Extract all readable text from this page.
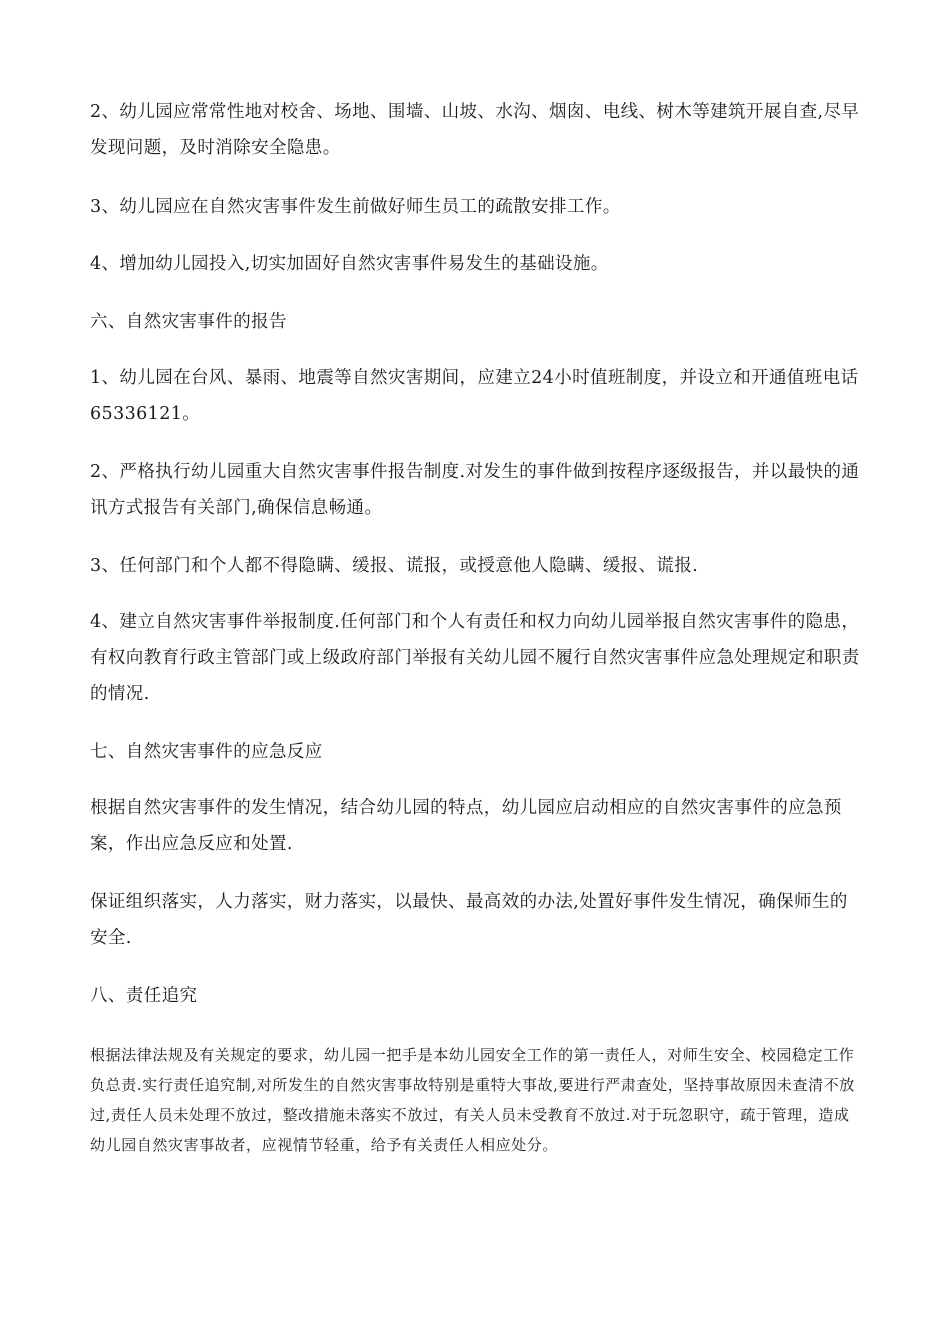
2、幼儿园应常常性地对校舍、场地、围墙、山坡、水沟、烟囱、电线、树木等建筑开展自查,尽早发现问题，及时消除安全隐患。

3、幼儿园应在自然灾害事件发生前做好师生员工的疏散安排工作。

4、增加幼儿园投入,切实加固好自然灾害事件易发生的基础设施。

六、自然灾害事件的报告

1、幼儿园在台风、暴雨、地震等自然灾害期间，应建立24小时值班制度，并设立和开通值班电话65336121。

2、严格执行幼儿园重大自然灾害事件报告制度.对发生的事件做到按程序逐级报告，并以最快的通讯方式报告有关部门,确保信息畅通。

3、任何部门和个人都不得隐瞒、缓报、谎报，或授意他人隐瞒、缓报、谎报.

4、建立自然灾害事件举报制度.任何部门和个人有责任和权力向幼儿园举报自然灾害事件的隐患，有权向教育行政主管部门或上级政府部门举报有关幼儿园不履行自然灾害事件应急处理规定和职责的情况.

七、自然灾害事件的应急反应

根据自然灾害事件的发生情况，结合幼儿园的特点，幼儿园应启动相应的自然灾害事件的应急预案，作出应急反应和处置.

保证组织落实，人力落实，财力落实，以最快、最高效的办法,处置好事件发生情况，确保师生的安全.

八、责任追究

根据法律法规及有关规定的要求，幼儿园一把手是本幼儿园安全工作的第一责任人，对师生安全、校园稳定工作负总责.实行责任追究制,对所发生的自然灾害事故特别是重特大事故,要进行严肃查处，坚持事故原因未查清不放过,责任人员未处理不放过，整改措施未落实不放过，有关人员未受教育不放过.对于玩忽职守，疏于管理，造成幼儿园自然灾害事故者，应视情节轻重，给予有关责任人相应处分。
